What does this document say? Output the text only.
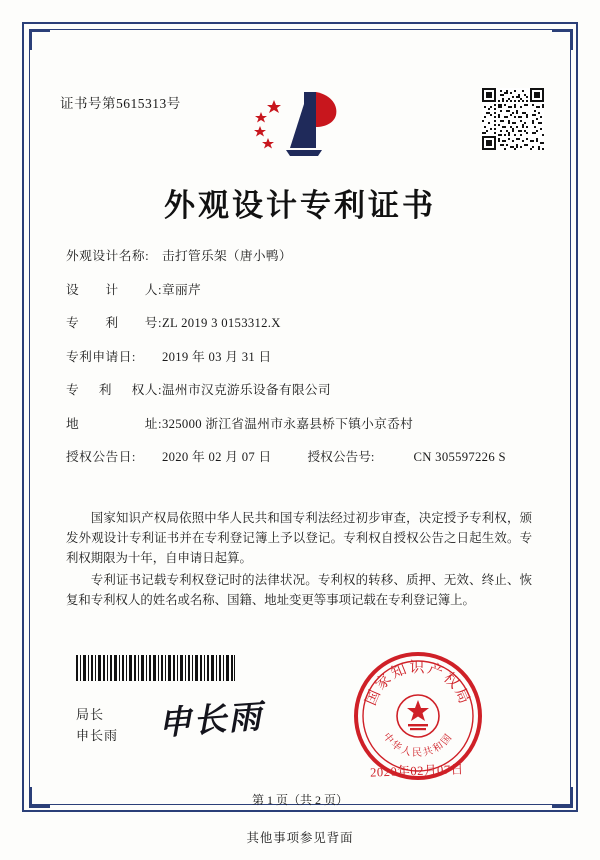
证书号第5615313号
外观设计专利证书
外观设计名称:	击打管乐架（唐小鸭）
设 计 人: 章丽芹
专 利 号: ZL 2019 3 0153312.X
专利申请日:	2019 年 03 月 31 日
专 利 权人: 温州市汉克游乐设备有限公司
地	址: 325000 浙江省温州市永嘉县桥下镇小京岙村
授权公告日:	2020 年 02 月 07 日	授权公告号:	CN 305597226 S

国家知识产权局依照中华人民共和国专利法经过初步审查，决定授予专利权，颁发外观设计专利证书并在专利登记簿上予以登记。专利权自授权公告之日起生效。专利权期限为十年，自申请日起算。

专利证书记载专利权登记时的法律状况。专利权的转移、质押、无效、终止、恢复和专利权人的姓名或名称、国籍、地址变更等事项记载在专利登记簿上。

局长
申长雨 申长雨	国家知识产权局
中华人民共和国
2020年02月07日
第 1 页（共 2 页）
其他事项参见背面
